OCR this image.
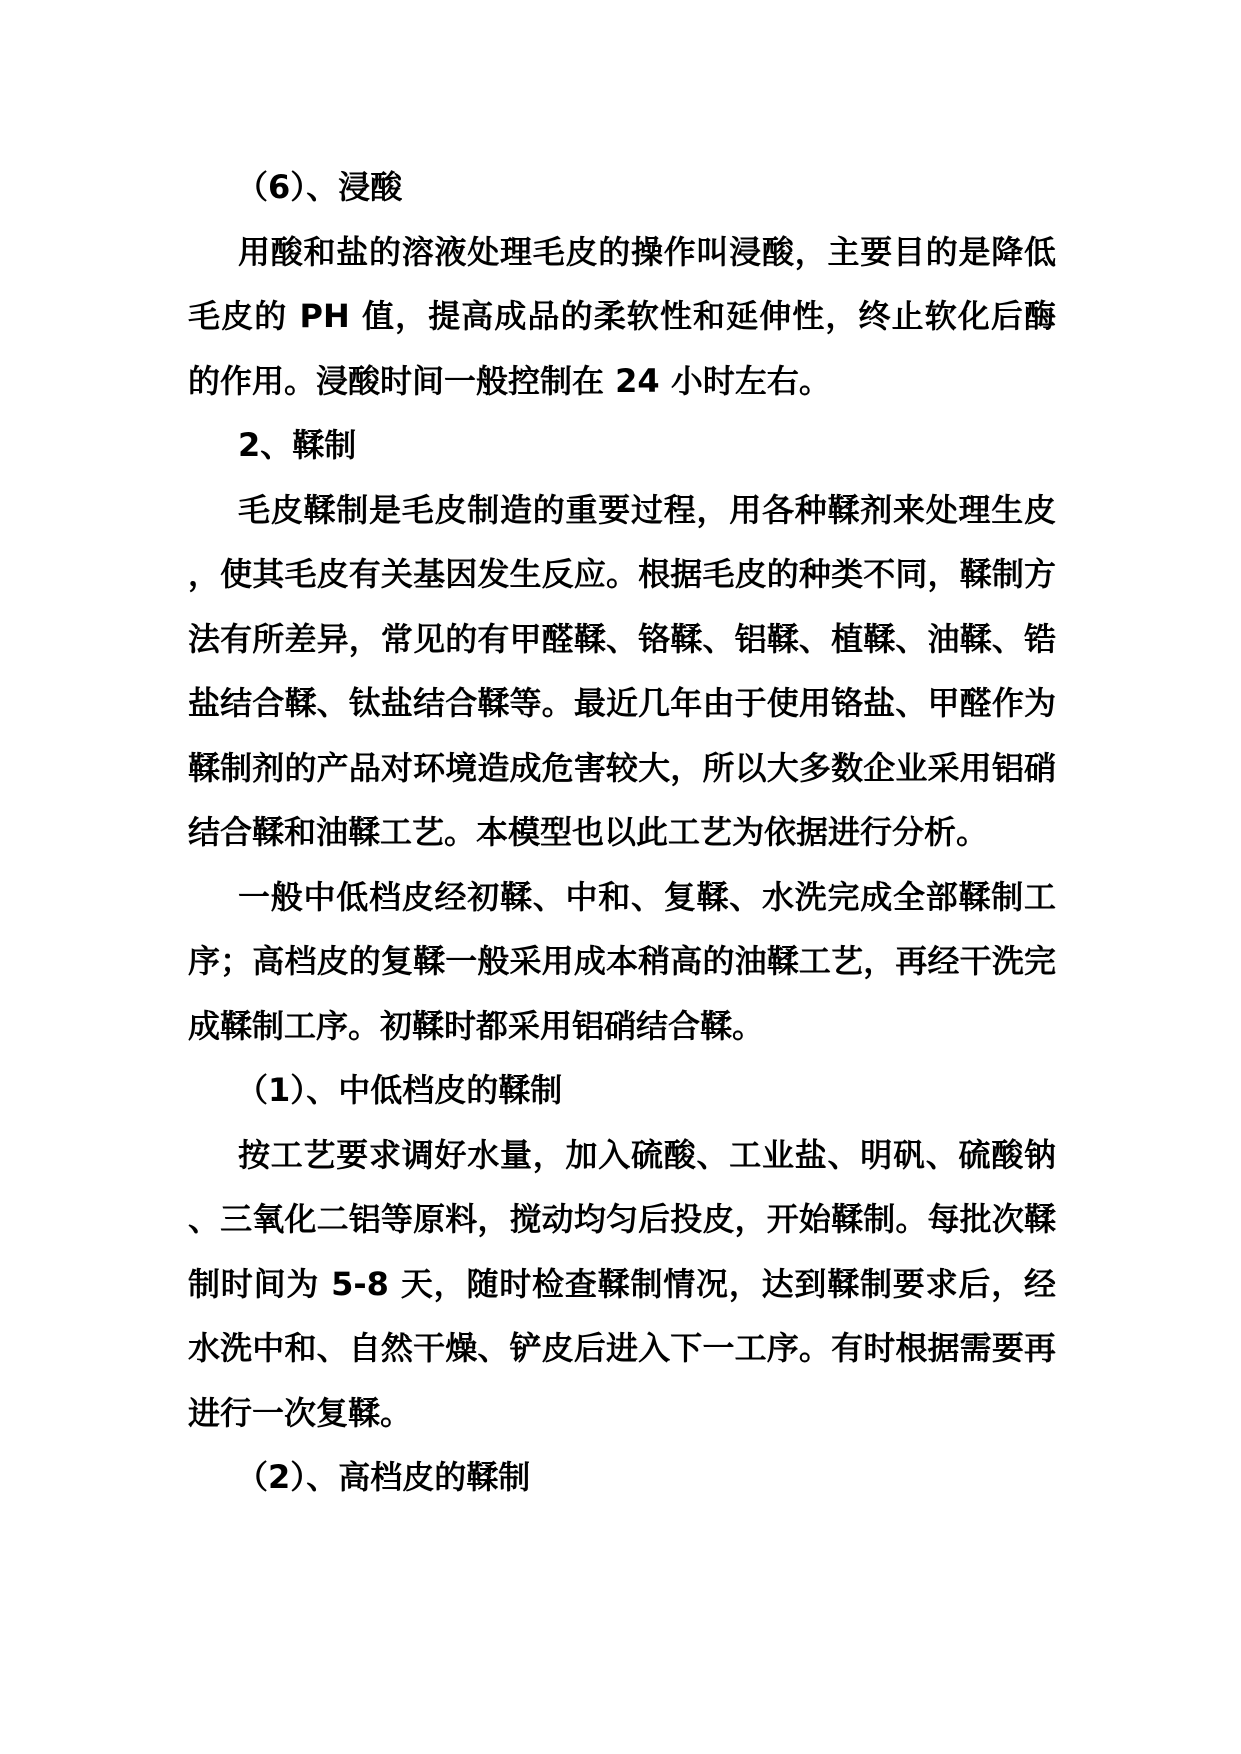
（6）、浸酸

用酸和盐的溶液处理毛皮的操作叫浸酸，主要目的是降低毛皮的 PH 值，提高成品的柔软性和延伸性，终止软化后酶的作用。浸酸时间一般控制在 24 小时左右。

2、鞣制

毛皮鞣制是毛皮制造的重要过程，用各种鞣剂来处理生皮，使其毛皮有关基因发生反应。根据毛皮的种类不同，鞣制方法有所差异，常见的有甲醛鞣、铬鞣、铝鞣、植鞣、油鞣、锆盐结合鞣、钛盐结合鞣等。最近几年由于使用铬盐、甲醛作为鞣制剂的产品对环境造成危害较大，所以大多数企业采用铝硝结合鞣和油鞣工艺。本模型也以此工艺为依据进行分析。

一般中低档皮经初鞣、中和、复鞣、水洗完成全部鞣制工序；高档皮的复鞣一般采用成本稍高的油鞣工艺，再经干洗完成鞣制工序。初鞣时都采用铝硝结合鞣。

（1）、中低档皮的鞣制

按工艺要求调好水量，加入硫酸、工业盐、明矾、硫酸钠、三氧化二铝等原料，搅动均匀后投皮，开始鞣制。每批次鞣制时间为 5-8 天，随时检查鞣制情况，达到鞣制要求后，经水洗中和、自然干燥、铲皮后进入下一工序。有时根据需要再进行一次复鞣。

（2）、高档皮的鞣制
